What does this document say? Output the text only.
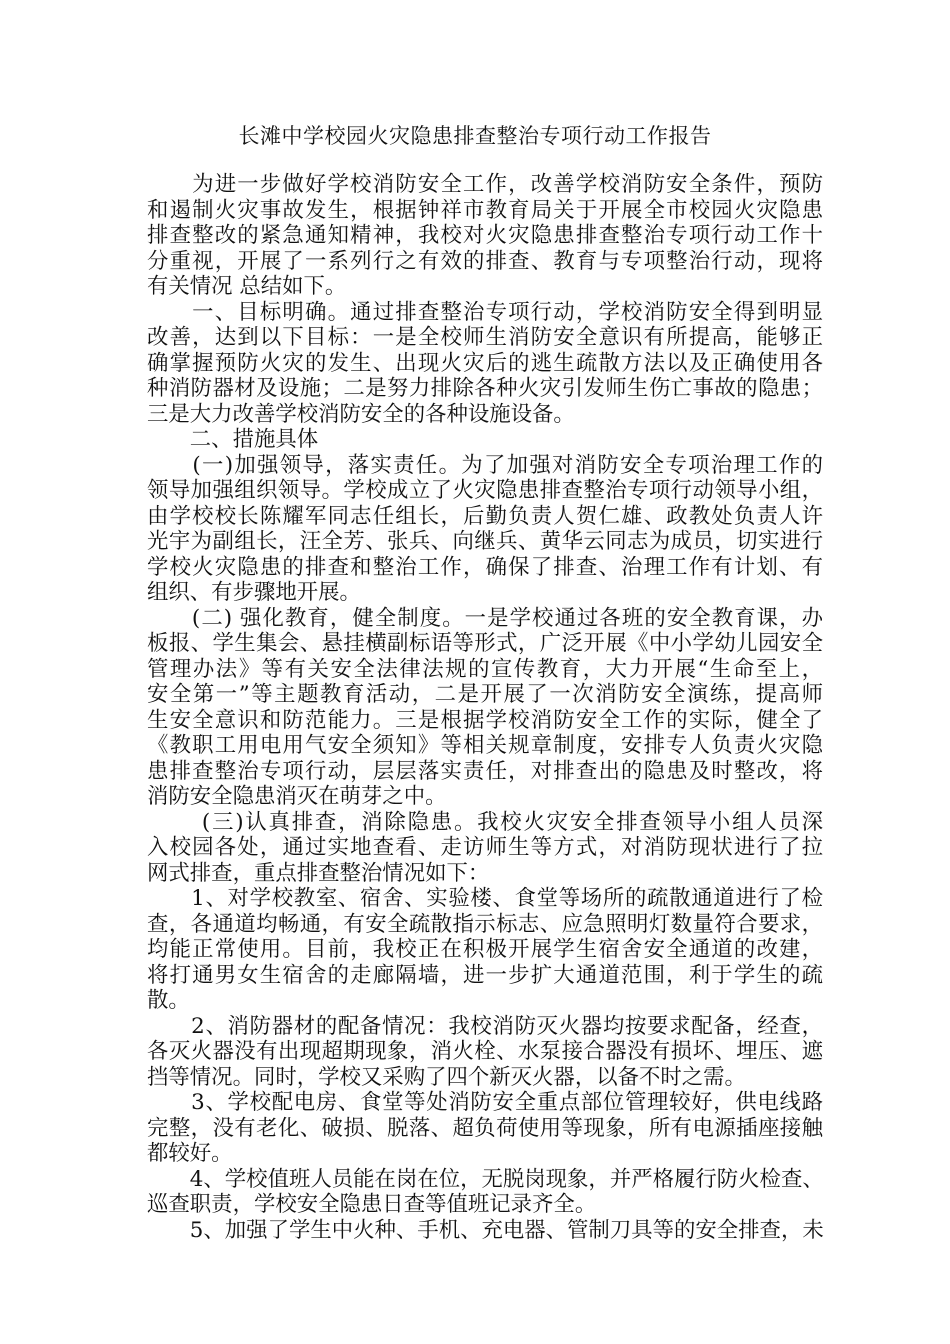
长滩中学校园火灾隐患排查整治专项行动工作报告

　　为进一步做好学校消防安全工作，改善学校消防安全条件，预防

和遏制火灾事故发生，根据钟祥市教育局关于开展全市校园火灾隐患

排查整改的紧急通知精神，我校对火灾隐患排查整治专项行动工作十

分重视，开展了一系列行之有效的排查、教育与专项整治行动，现将

有关情况 总结如下。

　　一、目标明确。通过排查整治专项行动，学校消防安全得到明显

改善，达到以下目标：一是全校师生消防安全意识有所提高，能够正

确掌握预防火灾的发生、出现火灾后的逃生疏散方法以及正确使用各

种消防器材及设施；二是努力排除各种火灾引发师生伤亡事故的隐患；

三是大力改善学校消防安全的各种设施设备。

　　二、措施具体

　　(一)加强领导，落实责任。为了加强对消防安全专项治理工作的

领导加强组织领导。学校成立了火灾隐患排查整治专项行动领导小组，

由学校校长陈耀军同志任组长，后勤负责人贺仁雄、政教处负责人许

光宇为副组长，汪全芳、张兵、向继兵、黄华云同志为成员，切实进行

学校火灾隐患的排查和整治工作，确保了排查、治理工作有计划、有

组织、有步骤地开展。

　　(二) 强化教育，健全制度。一是学校通过各班的安全教育课，办

板报、学生集会、悬挂横副标语等形式，广泛开展《中小学幼儿园安全

管理办法》等有关安全法律法规的宣传教育，大力开展“生命至上，

安全第一”等主题教育活动，二是开展了一次消防安全演练，提高师

生安全意识和防范能力。三是根据学校消防安全工作的实际，健全了

《教职工用电用气安全须知》等相关规章制度，安排专人负责火灾隐

患排查整治专项行动，层层落实责任，对排查出的隐患及时整改，将

消防安全隐患消灭在萌芽之中。

　　 (三)认真排查，消除隐患。我校火灾安全排查领导小组人员深

入校园各处，通过实地查看、走访师生等方式，对消防现状进行了拉

网式排查，重点排查整治情况如下：

　　1、对学校教室、宿舍、实验楼、食堂等场所的疏散通道进行了检

查，各通道均畅通，有安全疏散指示标志、应急照明灯数量符合要求，

均能正常使用。目前，我校正在积极开展学生宿舍安全通道的改建，

将打通男女生宿舍的走廊隔墙，进一步扩大通道范围，利于学生的疏

散。

　　2、消防器材的配备情况：我校消防灭火器均按要求配备，经查，

各灭火器没有出现超期现象，消火栓、水泵接合器没有损坏、埋压、遮

挡等情况。同时，学校又采购了四个新灭火器，以备不时之需。

　　3、学校配电房、食堂等处消防安全重点部位管理较好，供电线路

完整，没有老化、破损、脱落、超负荷使用等现象，所有电源插座接触

都较好。

　　4、学校值班人员能在岗在位，无脱岗现象，并严格履行防火检查、

巡查职责，学校安全隐患日查等值班记录齐全。

　　5、加强了学生中火种、手机、充电器、管制刀具等的安全排查，未
